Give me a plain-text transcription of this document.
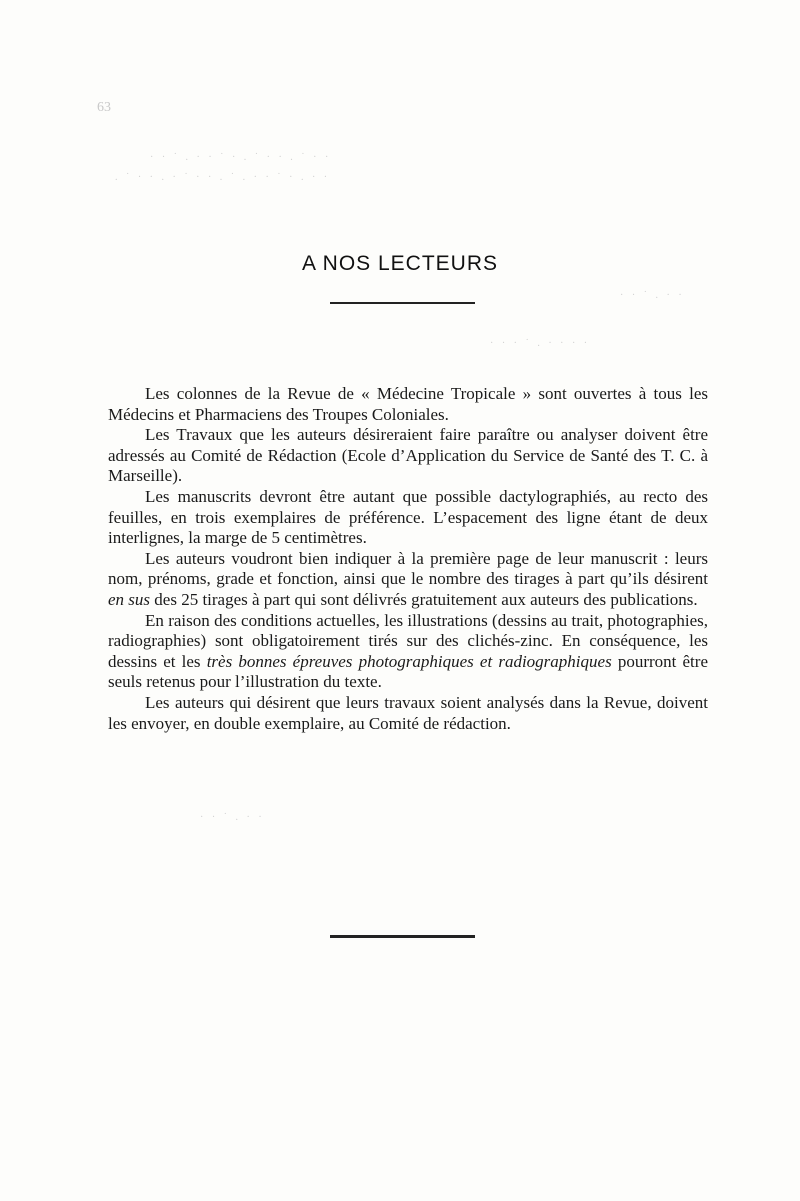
63
· · ˙ . · · ˙ · . ˙ · · . ˙ · ·
. ˙ · · . · ˙ · · . ˙ . · · ˙ · . · ·
· · ˙ . · ·
· · · ˙ . · · · ·
A NOS LECTEURS

Les colonnes de la Revue de « Médecine Tropicale » sont ouvertes à tous les Médecins et Pharmaciens des Troupes Coloniales.

Les Travaux que les auteurs désireraient faire paraître ou analyser doivent être adressés au Comité de Rédaction (Ecole d’Application du Service de Santé des T. C. à Marseille).

Les manuscrits devront être autant que possible dactylographiés, au recto des feuilles, en trois exemplaires de préférence. L’espacement des ligne étant de deux interlignes, la marge de 5 centimètres.

Les auteurs voudront bien indiquer à la première page de leur manuscrit : leurs nom, prénoms, grade et fonction, ainsi que le nombre des tirages à part qu’ils désirent en sus des 25 tirages à part qui sont délivrés gratuitement aux auteurs des publications.

En raison des conditions actuelles, les illustrations (dessins au trait, photographies, radiographies) sont obligatoirement tirés sur des clichés-zinc. En conséquence, les dessins et les très bonnes épreuves photographiques et radiographiques pourront être seuls retenus pour l’illustration du texte.

Les auteurs qui désirent que leurs travaux soient analysés dans la Revue, doivent les envoyer, en double exemplaire, au Comité de rédaction.

· · ˙ . · ·
